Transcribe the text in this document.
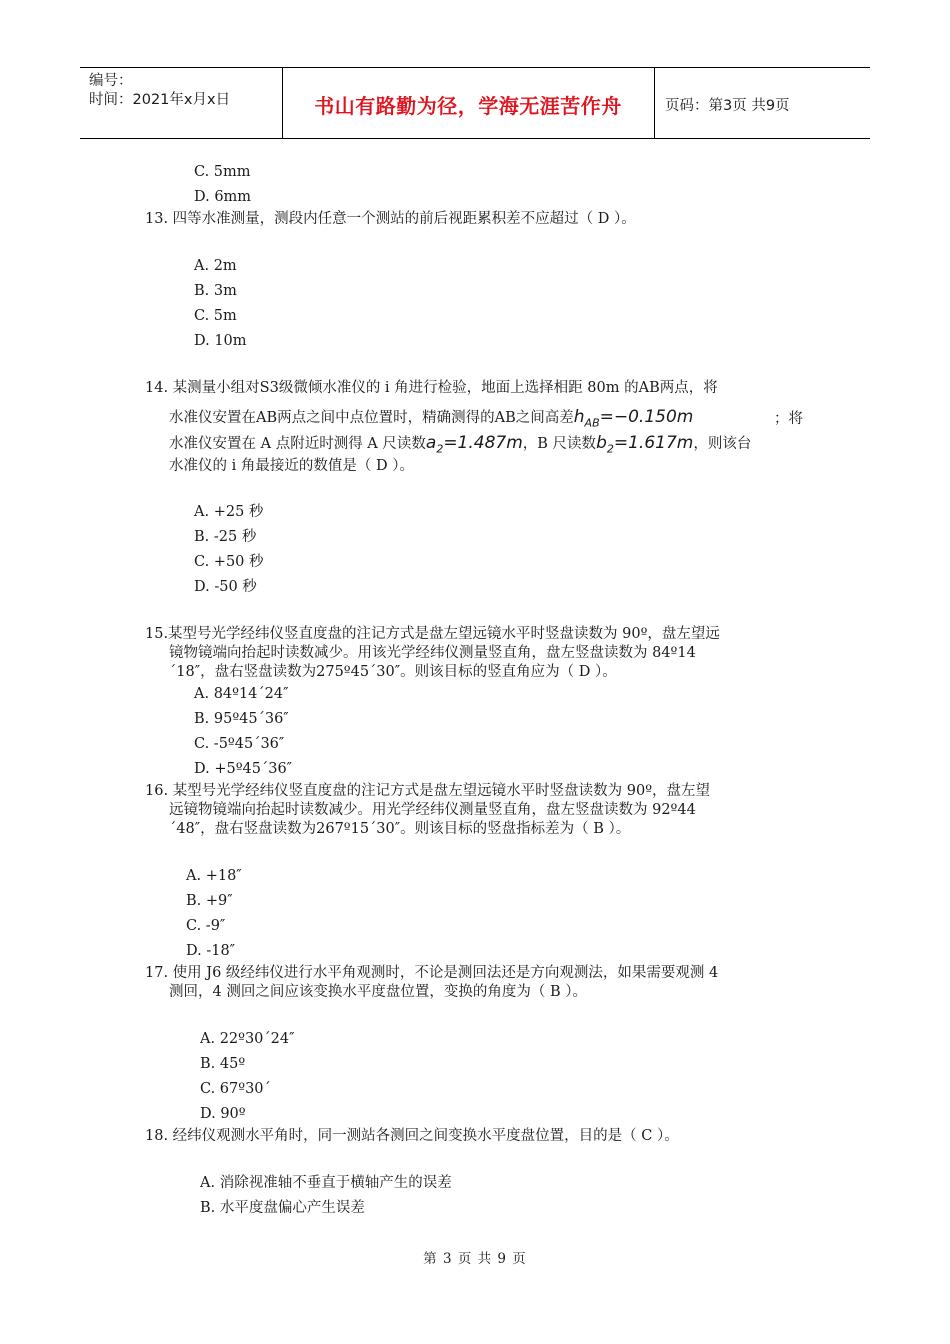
编号：
时间：2021年x月x日	书山有路勤为径，学海无涯苦作舟	页码：第3页 共9页
C. 5mm
D. 6mm
13. 四等水准测量，测段内任意一个测站的前后视距累积差不应超过（ D ）。
A. 2m
B. 3m
C. 5m
D. 10m
14. 某测量小组对S3级微倾水准仪的 i 角进行检验，地面上选择相距 80m 的AB两点，将
水准仪安置在AB两点之间中点位置时，精确测得的AB之间高差$h_{AB}=-0.150m$	；将
水准仪安置在 A 点附近时测得 A 尺读数$a_2=1.487m$，B 尺读数$b_2=1.617m$，则该台
水准仪的 i 角最接近的数值是（ D ）。
A. +25 秒
B. -25 秒
C. +50 秒
D. -50 秒
15.某型号光学经纬仪竖直度盘的注记方式是盘左望远镜水平时竖盘读数为 90º，盘左望远
镜物镜端向抬起时读数减少。用该光学经纬仪测量竖直角，盘左竖盘读数为 84º14
´18″，盘右竖盘读数为275º45´30″。则该目标的竖直角应为（ D ）。
A. 84º14´24″
B. 95º45´36″
C. -5º45´36″
D. +5º45´36″
16. 某型号光学经纬仪竖直度盘的注记方式是盘左望远镜水平时竖盘读数为 90º，盘左望
远镜物镜端向抬起时读数减少。用光学经纬仪测量竖直角，盘左竖盘读数为 92º44
´48″，盘右竖盘读数为267º15´30″。则该目标的竖盘指标差为（ B ）。
A. +18″
B. +9″
C. -9″
D. -18″
17. 使用 J6 级经纬仪进行水平角观测时，不论是测回法还是方向观测法，如果需要观测 4
测回，4 测回之间应该变换水平度盘位置，变换的角度为（ B ）。
A. 22º30´24″
B. 45º
C. 67º30´
D. 90º
18. 经纬仪观测水平角时，同一测站各测回之间变换水平度盘位置，目的是（ C ）。
A. 消除视准轴不垂直于横轴产生的误差
B. 水平度盘偏心产生误差
第 3 页 共 9 页
